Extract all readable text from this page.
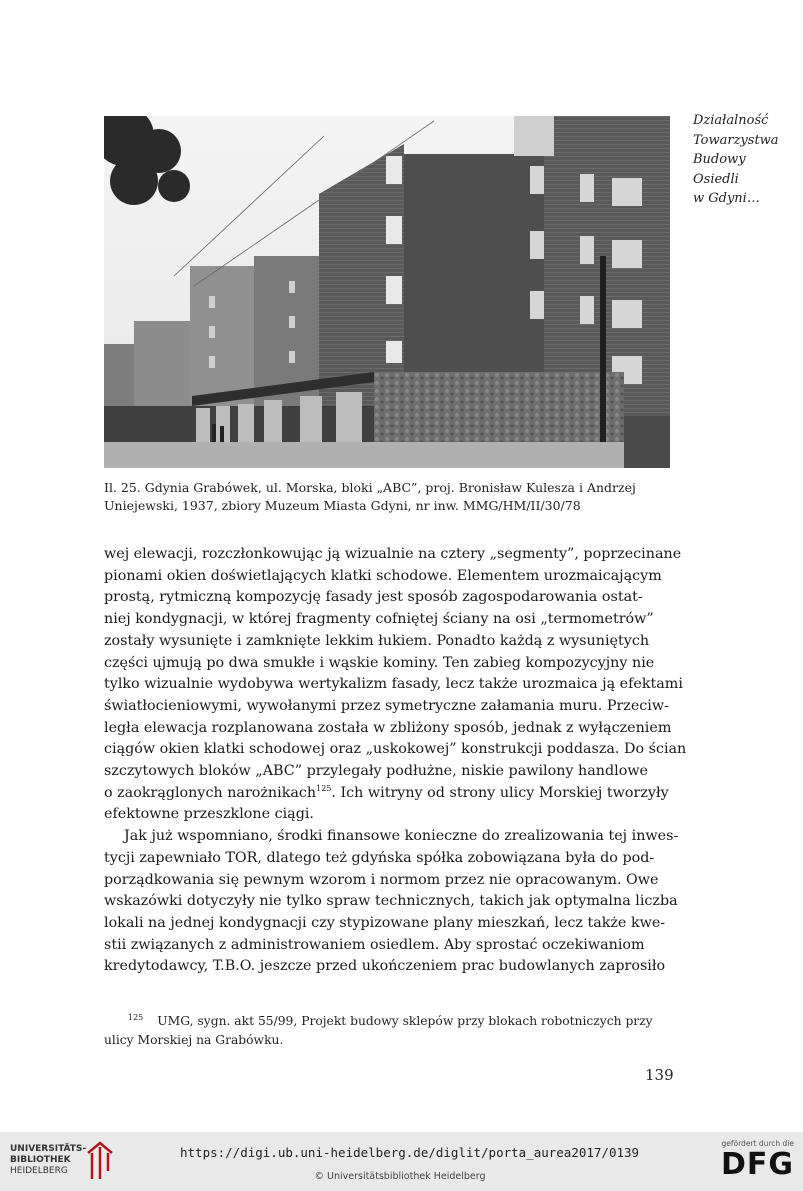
Działalność
Towarzystwa
Budowy
Osiedli
w Gdyni…
Il. 25. Gdynia Grabówek, ul. Morska, bloki „ABC”, proj. Bronisław Kulesza i Andrzej
Uniejewski, 1937, zbiory Muzeum Miasta Gdyni, nr inw. MMG/HM/II/30/78
wej elewacji, rozczłonkowując ją wizualnie na cztery „segmenty”, poprzecinane
pionami okien doświetlających klatki schodowe. Elementem urozmaicającym
prostą, rytmiczną kompozycję fasady jest sposób zagospodarowania ostat-
niej kondygnacji, w której fragmenty cofniętej ściany na osi „termometrów”
zostały wysunięte i zamknięte lekkim łukiem. Ponadto każdą z wysuniętych
części ujmują po dwa smukłe i wąskie kominy. Ten zabieg kompozycyjny nie
tylko wizualnie wydobywa wertykalizm fasady, lecz także urozmaica ją efektami
światłocieniowymi, wywołanymi przez symetryczne załamania muru. Przeciw-
legła elewacja rozplanowana została w zbliżony sposób, jednak z wyłączeniem
ciągów okien klatki schodowej oraz „uskokowej” konstrukcji poddasza. Do ścian
szczytowych bloków „ABC” przylegały podłużne, niskie pawilony handlowe
o zaokrąglonych narożnikach$^{125}$. Ich witryny od strony ulicy Morskiej tworzyły
efektowne przeszklone ciągi.
Jak już wspomniano, środki finansowe konieczne do zrealizowania tej inwes-
tycji zapewniało TOR, dlatego też gdyńska spółka zobowiązana była do pod-
porządkowania się pewnym wzorom i normom przez nie opracowanym. Owe
wskazówki dotyczyły nie tylko spraw technicznych, takich jak optymalna liczba
lokali na jednej kondygnacji czy stypizowane plany mieszkań, lecz także kwe-
stii związanych z administrowaniem osiedlem. Aby sprostać oczekiwaniom
kredytodawcy, T.B.O. jeszcze przed ukończeniem prac budowlanych zaprosiło
$^{125}$ UMG, sygn. akt 55/99, Projekt budowy sklepów przy blokach robotniczych przy
ulicy Morskiej na Grabówku.
139
UNIVERSITÄTS-
BIBLIOTHEK
HEIDELBERG
https://digi.ub.uni-heidelberg.de/diglit/porta_aurea2017/0139
© Universitätsbibliothek Heidelberg
gefördert durch die
DFG
